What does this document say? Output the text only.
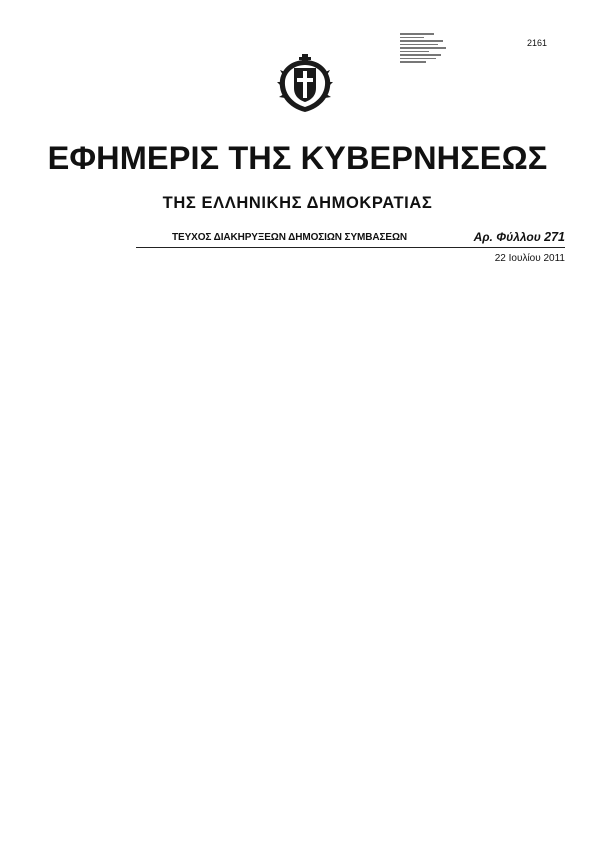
2161
ΕΦΗΜΕΡΙΣ ΤΗΣ ΚΥΒΕΡΝΗΣΕΩΣ
ΤΗΣ ΕΛΛΗΝΙΚΗΣ ΔΗΜΟΚΡΑΤΙΑΣ
ΤΕΥΧΟΣ ΔΙΑΚΗΡΥΞΕΩΝ ΔΗΜΟΣΙΩΝ ΣΥΜΒΑΣΕΩΝ	Αρ. Φύλλου 271
22 Ιουλίου 2011
